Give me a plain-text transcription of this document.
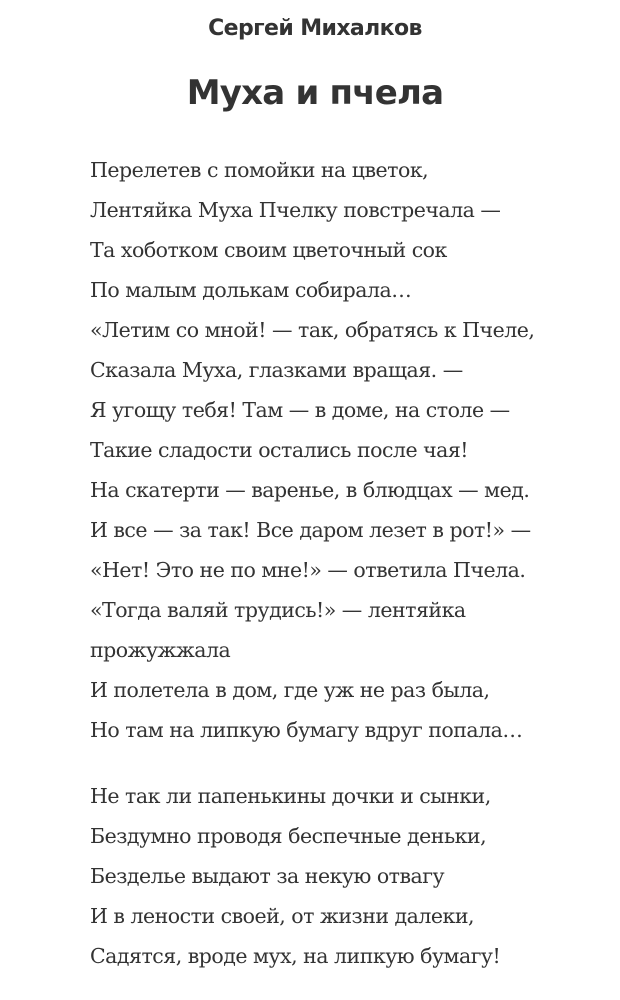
Сергей Михалков
Муха и пчела
Перелетев с помойки на цветок,
Лентяйка Муха Пчелку повстречала —
Та хоботком своим цветочный сок
По малым долькам собирала…
«Летим со мной! — так, обратясь к Пчеле,
Сказала Муха, глазками вращая. —
Я угощу тебя! Там — в доме, на столе —
Такие сладости остались после чая!
На скатерти — варенье, в блюдцах — мед.
И все — за так! Все даром лезет в рот!» —
«Нет! Это не по мне!» — ответила Пчела.
«Тогда валяй трудись!» — лентяйка
прожужжала
И полетела в дом, где уж не раз была,
Но там на липкую бумагу вдруг попала…
Не так ли папенькины дочки и сынки,
Бездумно проводя беспечные деньки,
Безделье выдают за некую отвагу
И в лености своей, от жизни далеки,
Садятся, вроде мух, на липкую бумагу!
